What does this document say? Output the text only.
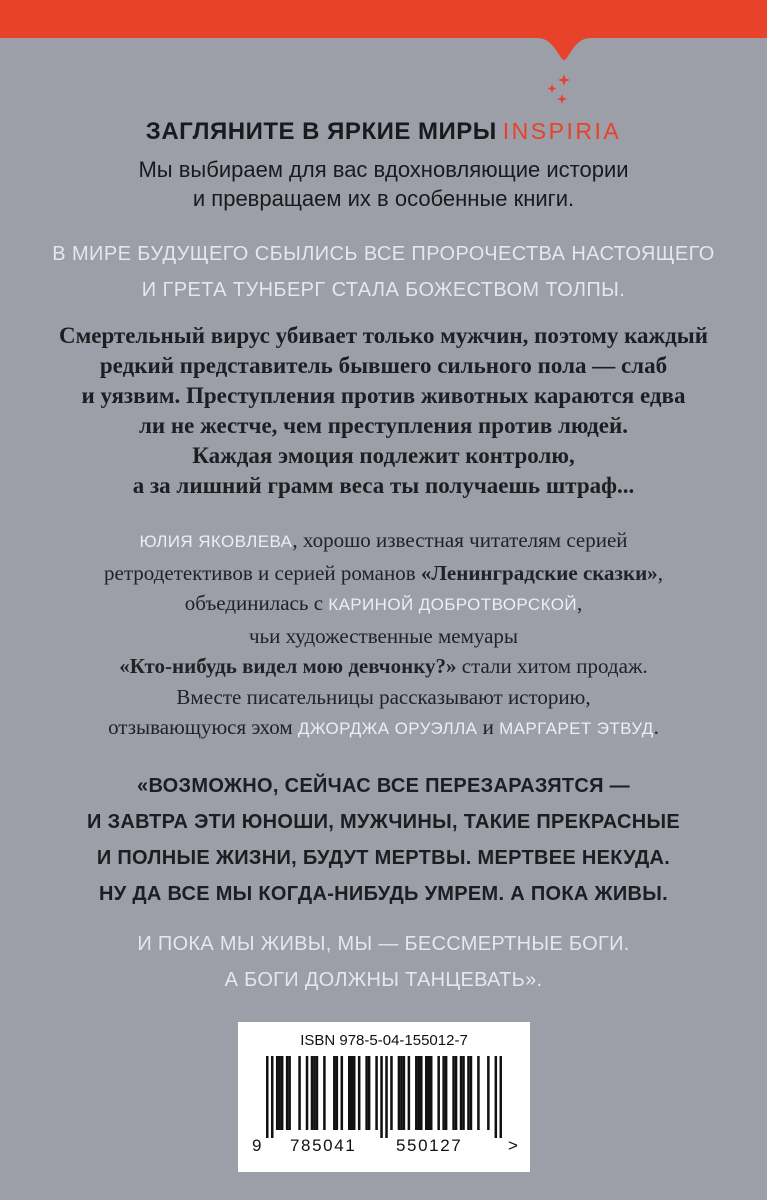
ЗАГЛЯНИТЕ В ЯРКИЕ МИРЫ INSPIRIA
Мы выбираем для вас вдохновляющие истории
и превращаем их в особенные книги.
В МИРЕ БУДУЩЕГО СБЫЛИСЬ ВСЕ ПРОРОЧЕСТВА НАСТОЯЩЕГО
И ГРЕТА ТУНБЕРГ СТАЛА БОЖЕСТВОМ ТОЛПЫ.
Смертельный вирус убивает только мужчин, поэтому каждый
редкий представитель бывшего сильного пола — слаб
и уязвим. Преступления против животных караются едва
ли не жестче, чем преступления против людей.
Каждая эмоция подлежит контролю,
а за лишний грамм веса ты получаешь штраф...
ЮЛИЯ ЯКОВЛЕВА, хорошо известная читателям серией
ретродетективов и серией романов «Ленинградские сказки»,
объединилась с КАРИНОЙ ДОБРОТВОРСКОЙ,
чьи художественные мемуары
«Кто-нибудь видел мою девчонку?» стали хитом продаж.
Вместе писательницы рассказывают историю,
отзывающуюся эхом ДЖОРДЖА ОРУЭЛЛА и МАРГАРЕТ ЭТВУД.
«ВОЗМОЖНО, СЕЙЧАС ВСЕ ПЕРЕЗАРАЗЯТСЯ —
И ЗАВТРА ЭТИ ЮНОШИ, МУЖЧИНЫ, ТАКИЕ ПРЕКРАСНЫЕ
И ПОЛНЫЕ ЖИЗНИ, БУДУТ МЕРТВЫ. МЕРТВЕЕ НЕКУДА.
НУ ДА ВСЕ МЫ КОГДА-НИБУДЬ УМРЕМ. А ПОКА ЖИВЫ.
И ПОКА МЫ ЖИВЫ, МЫ — БЕССМЕРТНЫЕ БОГИ.
А БОГИ ДОЛЖНЫ ТАНЦЕВАТЬ».
ISBN 978-5-04-155012-7
9 785041 550127	>
